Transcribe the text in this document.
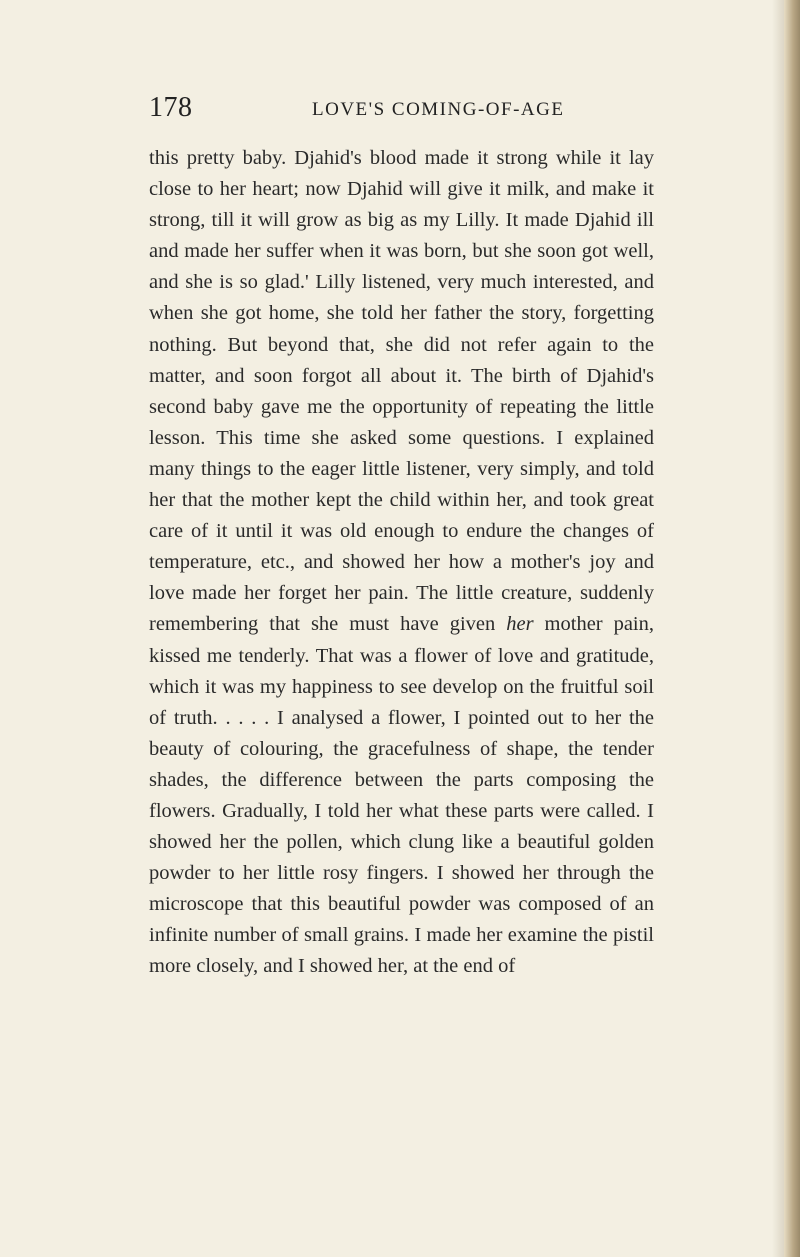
178	LOVE'S COMING-OF-AGE

this pretty baby. Djahid's blood made it strong while it lay close to her heart; now Djahid will give it milk, and make it strong, till it will grow as big as my Lilly. It made Djahid ill and made her suffer when it was born, but she soon got well, and she is so glad.' Lilly listened, very much interested, and when she got home, she told her father the story, forgetting nothing. But beyond that, she did not refer again to the matter, and soon forgot all about it. The birth of Djahid's second baby gave me the opportunity of repeating the little lesson. This time she asked some questions. I explained many things to the eager little listener, very simply, and told her that the mother kept the child within her, and took great care of it until it was old enough to endure the changes of temperature, etc., and showed her how a mother's joy and love made her forget her pain. The little creature, suddenly remembering that she must have given her mother pain, kissed me tenderly. That was a flower of love and gratitude, which it was my happiness to see develop on the fruitful soil of truth. . . . . I analysed a flower, I pointed out to her the beauty of colouring, the gracefulness of shape, the tender shades, the difference between the parts composing the flowers. Gradually, I told her what these parts were called. I showed her the pollen, which clung like a beautiful golden powder to her little rosy fingers. I showed her through the microscope that this beautiful powder was composed of an infinite number of small grains. I made her examine the pistil more closely, and I showed her, at the end of
